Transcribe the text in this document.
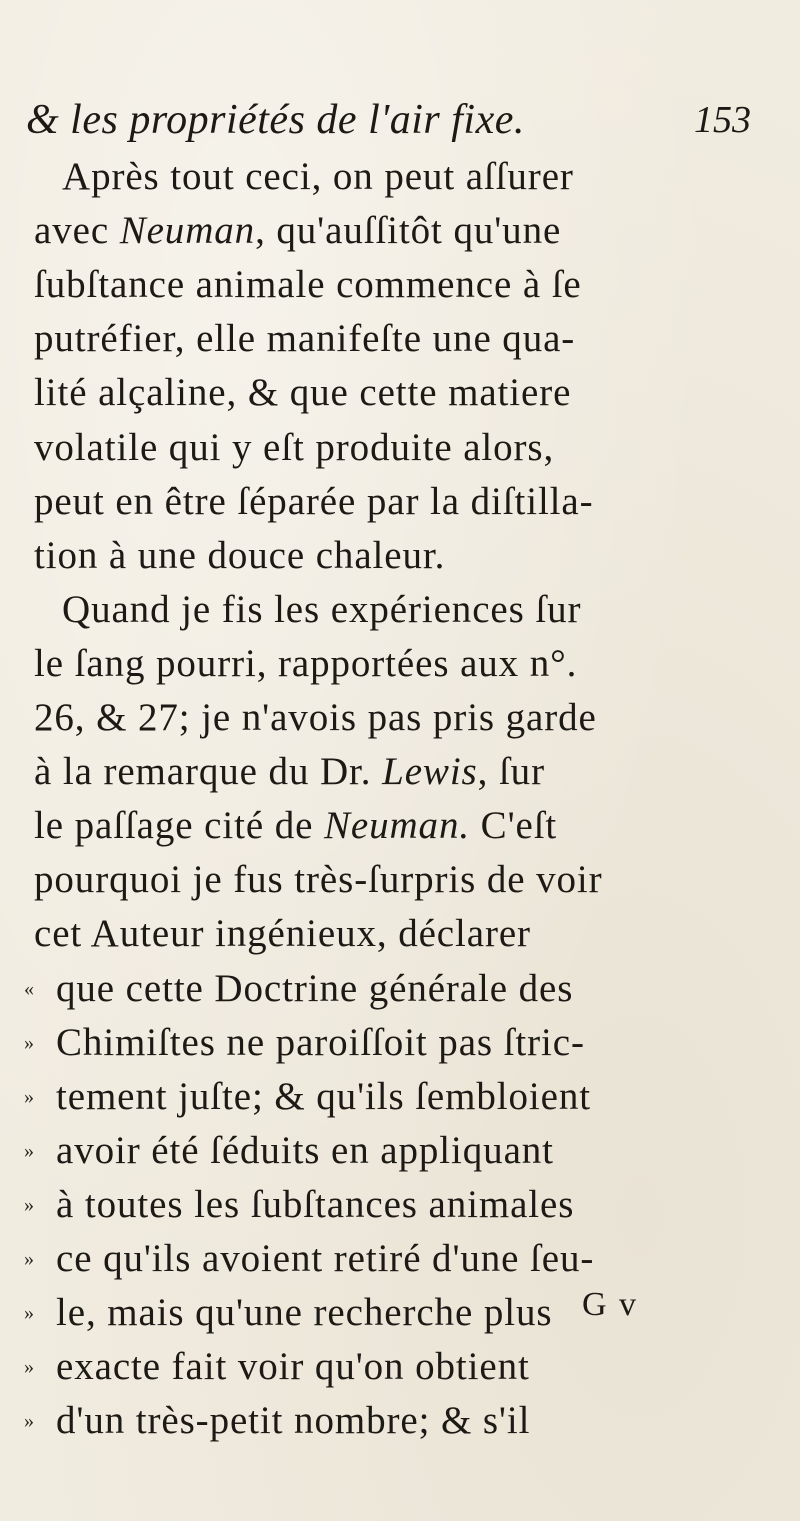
& les propriétés de l'air fixe.	153
Après tout ceci, on peut aſſurer
avec Neuman, qu'auſſitôt qu'une
ſubſtance animale commence à ſe
putréfier, elle manifeſte une qua-
lité alçaline, & que cette matiere
volatile qui y eſt produite alors,
peut en être ſéparée par la diſtilla-
tion à une douce chaleur.
Quand je fis les expériences ſur
le ſang pourri, rapportées aux n°.
26, & 27; je n'avois pas pris garde
à la remarque du Dr. Lewis, ſur
le paſſage cité de Neuman. C'eſt
pourquoi je fus très-ſurpris de voir
cet Auteur ingénieux, déclarer
« que cette Doctrine générale des
» Chimiſtes ne paroiſſoit pas ſtric-
» tement juſte; & qu'ils ſembloient
» avoir été ſéduits en appliquant
» à toutes les ſubſtances animales
» ce qu'ils avoient retiré d'une ſeu-
» le, mais qu'une recherche plus
» exacte fait voir qu'on obtient
» d'un très-petit nombre; & s'il
G v
